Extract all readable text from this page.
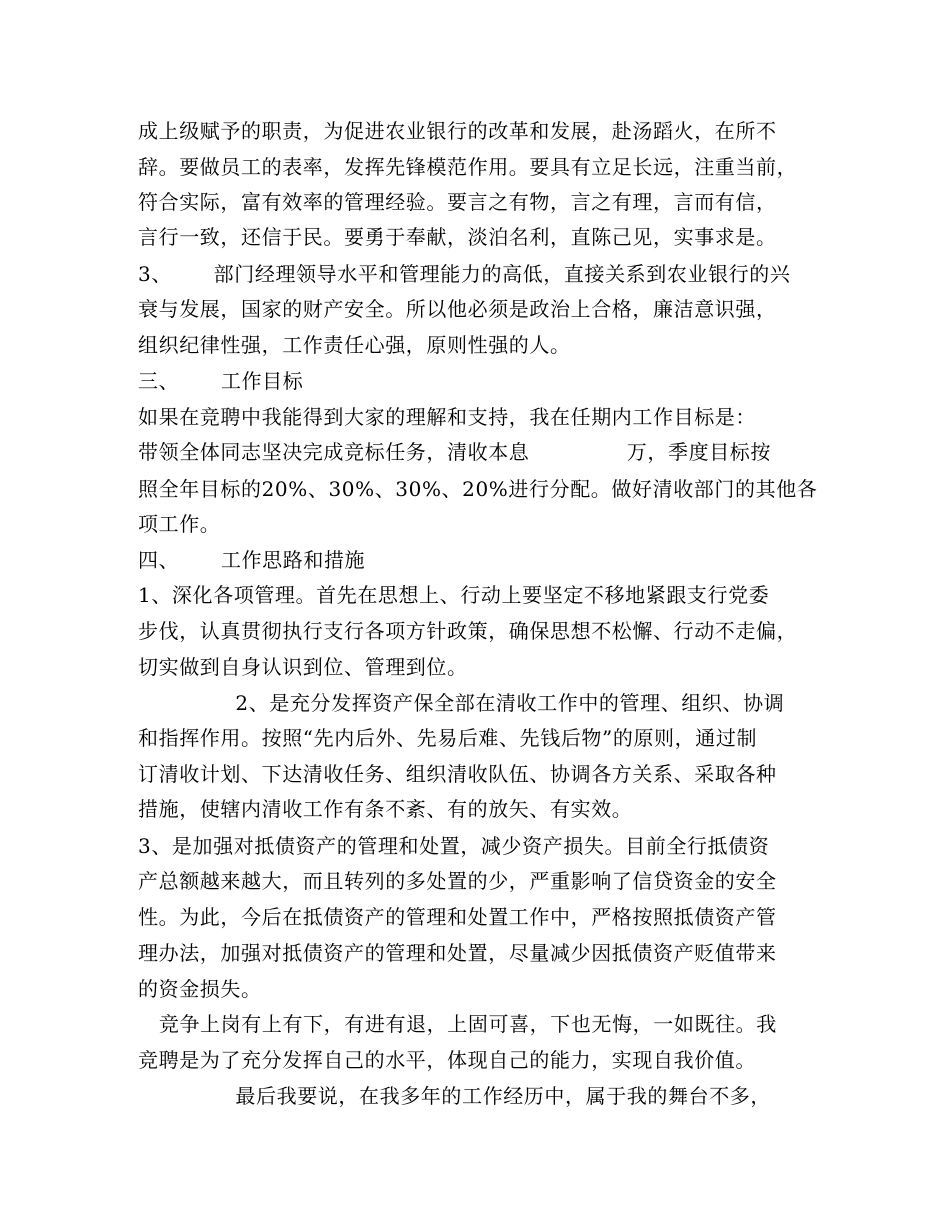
成上级赋予的职责，为促进农业银行的改革和发展，赴汤蹈火，在所不
辞。要做员工的表率，发挥先锋模范作用。要具有立足长远，注重当前，
符合实际，富有效率的管理经验。要言之有物，言之有理，言而有信，
言行一致，还信于民。要勇于奉献，淡泊名利，直陈己见，实事求是。
3、      部门经理领导水平和管理能力的高低，直接关系到农业银行的兴
衰与发展，国家的财产安全。所以他必须是政治上合格，廉洁意识强，
组织纪律性强，工作责任心强，原则性强的人。
三、      工作目标
如果在竞聘中我能得到大家的理解和支持，我在任期内工作目标是：
带领全体同志坚决完成竞标任务，清收本息              万，季度目标按
照全年目标的20%、30%、30%、20%进行分配。做好清收部门的其他各
项工作。
四、      工作思路和措施
1、深化各项管理。首先在思想上、行动上要坚定不移地紧跟支行党委
步伐，认真贯彻执行支行各项方针政策，确保思想不松懈、行动不走偏，
切实做到自身认识到位、管理到位。
2、是充分发挥资产保全部在清收工作中的管理、组织、协调
和指挥作用。按照“先内后外、先易后难、先钱后物”的原则，通过制
订清收计划、下达清收任务、组织清收队伍、协调各方关系、采取各种
措施，使辖内清收工作有条不紊、有的放矢、有实效。
3、是加强对抵债资产的管理和处置，减少资产损失。目前全行抵债资
产总额越来越大，而且转列的多处置的少，严重影响了信贷资金的安全
性。为此，今后在抵债资产的管理和处置工作中，严格按照抵债资产管
理办法，加强对抵债资产的管理和处置，尽量减少因抵债资产贬值带来
的资金损失。
竞争上岗有上有下，有进有退，上固可喜，下也无悔，一如既往。我
竞聘是为了充分发挥自己的水平，体现自己的能力，实现自我价值。
最后我要说，在我多年的工作经历中，属于我的舞台不多，
